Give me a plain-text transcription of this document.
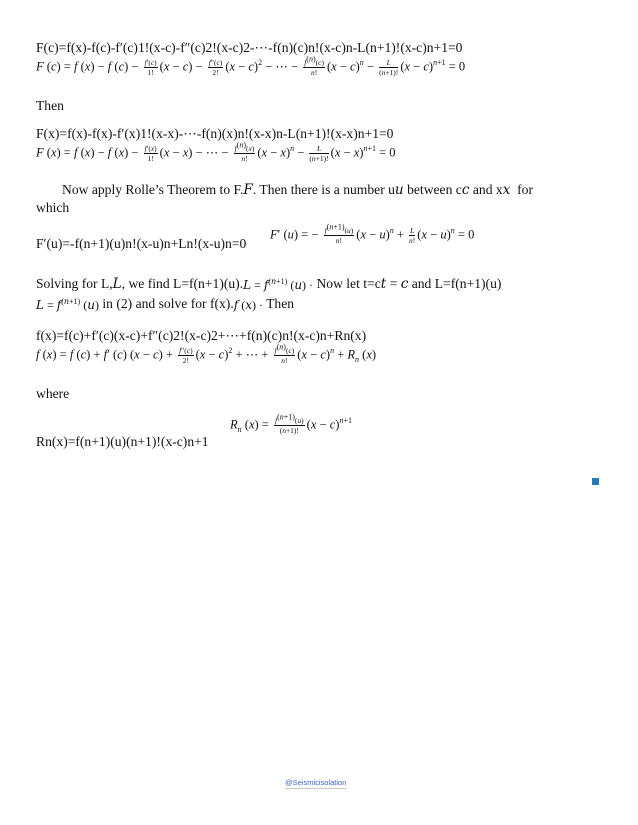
F(c)=f(x)-f(c)-f′(c)1!(x-c)-f″(c)2!(x-c)2-⋯-f(n)(c)n!(x-c)n-L(n+1)!(x-c)n+1=0
F (c) = f (x) − f $(c) - \frac{f'(c)}{1!} (x - c) - \frac{f''(c)}{2!} (x - c)^2$ − ⋯ − $\frac{f^{(n)}(c)}{n!} (x - c)^n - \frac{L}{(n+1)!} (x - c)^{n+1} = 0$
Then
F(x)=f(x)-f(x)-f′(x)1!(x-x)-⋯-f(n)(x)n!(x-x)n-L(n+1)!(x-x)n+1=0
F (x) = f (x) − f $(x) - \frac{f'(x)}{1!} (x - x)$ − ⋯ − $\frac{f^{(n)}(x)}{n!} (x - x)^n - \frac{L}{(n+1)!} (x - x)^{n+1} = 0$
Now apply Rolle’s Theorem to F.F. Then there is a number uu between cc and xx for
which
F′(u)=-f(n+1)(u)n!(x-u)n+Ln!(x-u)n=0
F′ (u) = − $\frac{f^{(n+1)}(u)}{n!} (x - u)^n + \frac{L}{n!} (x - u)^n = 0$
Solving for L,L, we find $L=f(n+1)(u).L = f^{(n+1)}$ (u) · Now let t=ct = c and L=f(n+1)(u)
$L = f^{(n+1)}$ (u) in (2) and solve for f(x).f (x) · Then
f(x)=f(c)+f′(c)(x-c)+f″(c)2!(x-c)2+⋯+f(n)(c)n!(x-c)n+Rn(x)
f (x) = f (c) + f′ (c) $(x - c) + \frac{f''(c)}{2!} (x - c)^2$ + ⋯ + $\frac{f^{(n)}(c)}{n!} (x - c)^n + R_n$ (x)
where
Rn(x)=f(n+1)(u)(n+1)!(x-c)n+1
$R_n$ $(x) = \frac{f^{(n+1)}(u)}{(n+1)!} (x - c)^{n+1}$
@Seismicisolation
